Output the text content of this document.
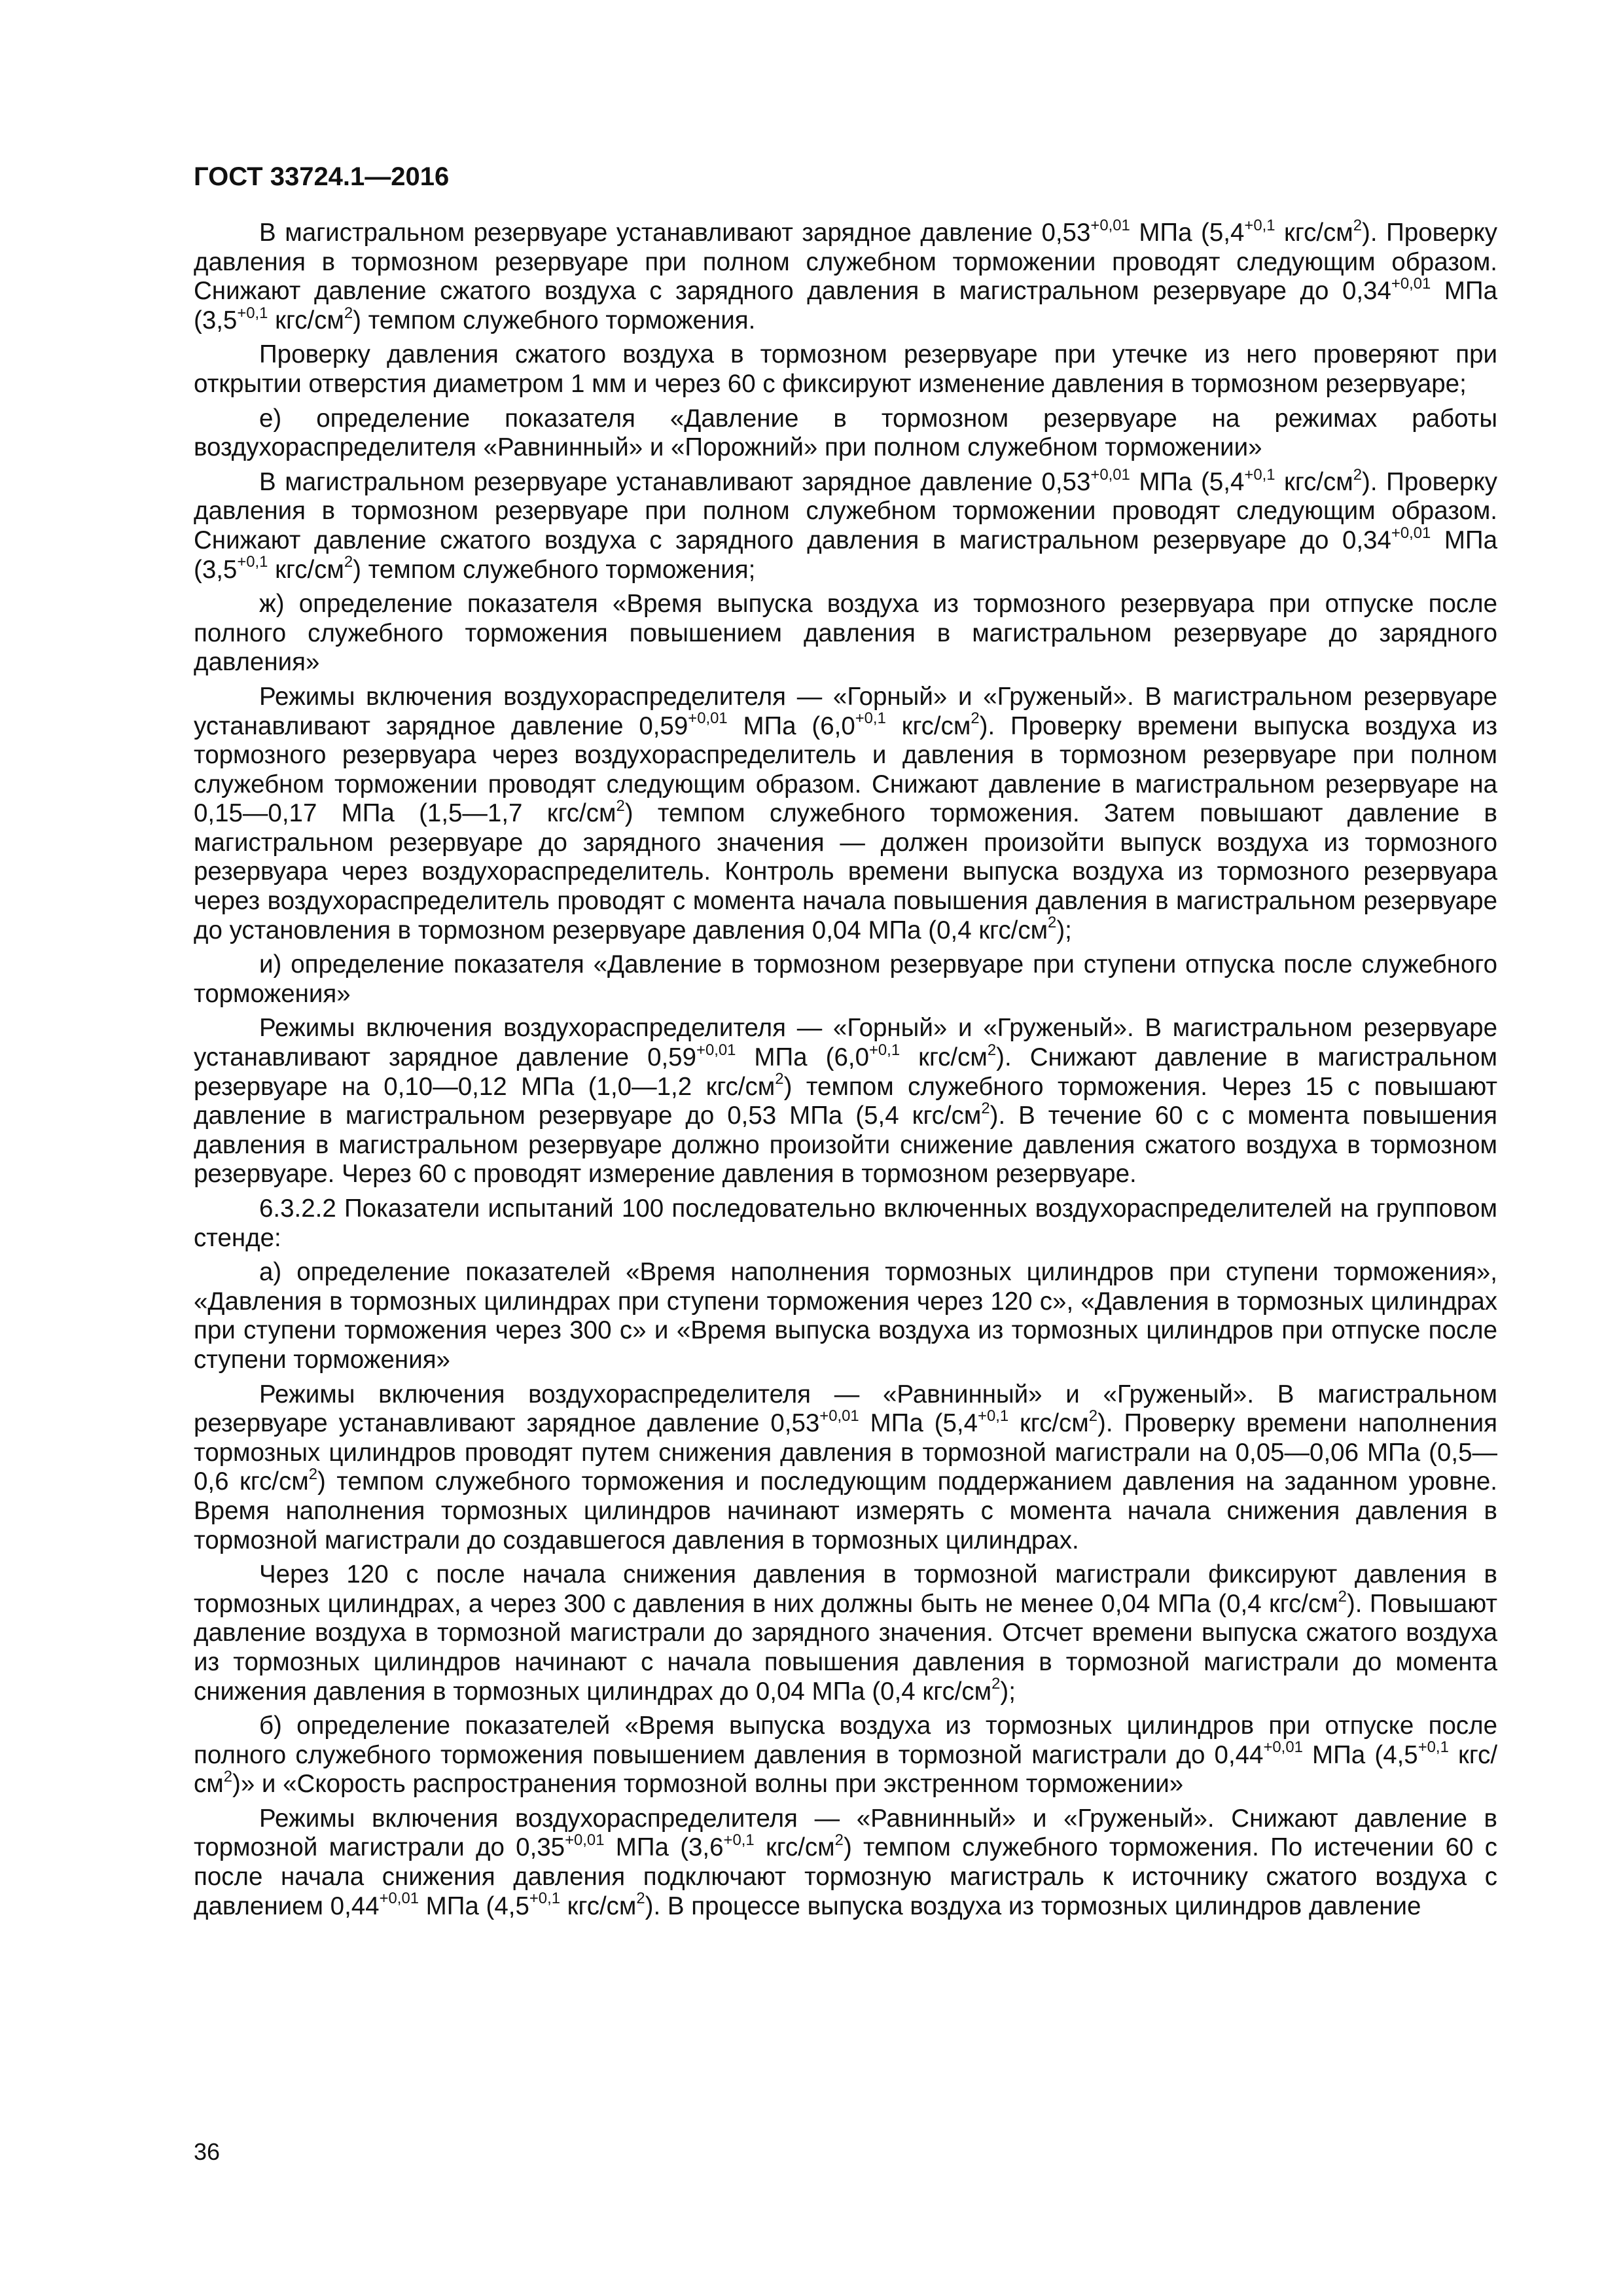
ГОСТ 33724.1—2016

В магистральном резервуаре устанавливают зарядное давление $0,53^{+0,01}$ МПа ($5,4^{+0,1}$ кгс/$см^2$). Проверку давления в тормозном резервуаре при полном служебном торможении проводят следующим образом. Снижают давление сжатого воздуха с зарядного давления в магистральном резервуаре до $0,34^{+0,01}$ МПа ($3,5^{+0,1}$ кгс/$см^2$) темпом служебного торможения.

Проверку давления сжатого воздуха в тормозном резервуаре при утечке из него проверяют при открытии отверстия диаметром 1 мм и через 60 с фиксируют изменение давления в тормозном резервуаре;

е) определение показателя «Давление в тормозном резервуаре на режимах работы воздухораспределителя «Равнинный» и «Порожний» при полном служебном торможении»

В магистральном резервуаре устанавливают зарядное давление $0,53^{+0,01}$ МПа ($5,4^{+0,1}$ кгс/$см^2$). Проверку давления в тормозном резервуаре при полном служебном торможении проводят следующим образом. Снижают давление сжатого воздуха с зарядного давления в магистральном резервуаре до $0,34^{+0,01}$ МПа ($3,5^{+0,1}$ кгс/$см^2$) темпом служебного торможения;

ж) определение показателя «Время выпуска воздуха из тормозного резервуара при отпуске после полного служебного торможения повышением давления в магистральном резервуаре до зарядного давления»

Режимы включения воздухораспределителя — «Горный» и «Груженый». В магистральном резервуаре устанавливают зарядное давление $0,59^{+0,01}$ МПа ($6,0^{+0,1}$ кгс/$см^2$). Проверку времени выпуска воздуха из тормозного резервуара через воздухораспределитель и давления в тормозном резервуаре при полном служебном торможении проводят следующим образом. Снижают давление в магистральном резервуаре на 0,15—0,17 МПа (1,5—1,7 кгс/$см^2$) темпом служебного торможения. Затем повышают давление в магистральном резервуаре до зарядного значения — должен произойти выпуск воздуха из тормозного резервуара через воздухораспределитель. Контроль времени выпуска воздуха из тормозного резервуара через воздухораспределитель проводят с момента начала повышения давления в магистральном резервуаре до установления в тормозном резервуаре давления 0,04 МПа (0,4 кгс/$см^2$);

и) определение показателя «Давление в тормозном резервуаре при ступени отпуска после служебного торможения»

Режимы включения воздухораспределителя — «Горный» и «Груженый». В магистральном резервуаре устанавливают зарядное давление $0,59^{+0,01}$ МПа ($6,0^{+0,1}$ кгс/$см^2$). Снижают давление в магистральном резервуаре на 0,10—0,12 МПа (1,0—1,2 кгс/$см^2$) темпом служебного торможения. Через 15 с повышают давление в магистральном резервуаре до 0,53 МПа (5,4 кгс/$см^2$). В течение 60 с с момента повышения давления в магистральном резервуаре должно произойти снижение давления сжатого воздуха в тормозном резервуаре. Через 60 с проводят измерение давления в тормозном резервуаре.

6.3.2.2 Показатели испытаний 100 последовательно включенных воздухораспределителей на групповом стенде:

а) определение показателей «Время наполнения тормозных цилиндров при ступени торможения», «Давления в тормозных цилиндрах при ступени торможения через 120 с», «Давления в тормозных цилиндрах при ступени торможения через 300 с» и «Время выпуска воздуха из тормозных цилиндров при отпуске после ступени торможения»

Режимы включения воздухораспределителя — «Равнинный» и «Груженый». В магистральном резервуаре устанавливают зарядное давление $0,53^{+0,01}$ МПа ($5,4^{+0,1}$ кгс/$см^2$). Проверку времени наполнения тормозных цилиндров проводят путем снижения давления в тормозной магистрали на 0,05—0,06 МПа (0,5—0,6 кгс/$см^2$) темпом служебного торможения и последующим поддержанием давления на заданном уровне. Время наполнения тормозных цилиндров начинают измерять с момента начала снижения давления в тормозной магистрали до создавшегося давления в тормозных цилиндрах.

Через 120 с после начала снижения давления в тормозной магистрали фиксируют давления в тормозных цилиндрах, а через 300 с давления в них должны быть не менее 0,04 МПа (0,4 кгс/$см^2$). Повышают давление воздуха в тормозной магистрали до зарядного значения. Отсчет времени выпуска сжатого воздуха из тормозных цилиндров начинают с начала повышения давления в тормозной магистрали до момента снижения давления в тормозных цилиндрах до 0,04 МПа (0,4 кгс/$см^2$);

б) определение показателей «Время выпуска воздуха из тормозных цилиндров при отпуске после полного служебного торможения повышением давления в тормозной магистрали до $0,44^{+0,01}$ МПа ($4,5^{+0,1}$ кгс/$см^2$)» и «Скорость распространения тормозной волны при экстренном торможении»

Режимы включения воздухораспределителя — «Равнинный» и «Груженый». Снижают давление в тормозной магистрали до $0,35^{+0,01}$ МПа ($3,6^{+0,1}$ кгс/$см^2$) темпом служебного торможения. По истечении 60 с после начала снижения давления подключают тормозную магистраль к источнику сжатого воздуха с давлением $0,44^{+0,01}$ МПа ($4,5^{+0,1}$ кгс/$см^2$). В процессе выпуска воздуха из тормозных цилиндров давление

36
